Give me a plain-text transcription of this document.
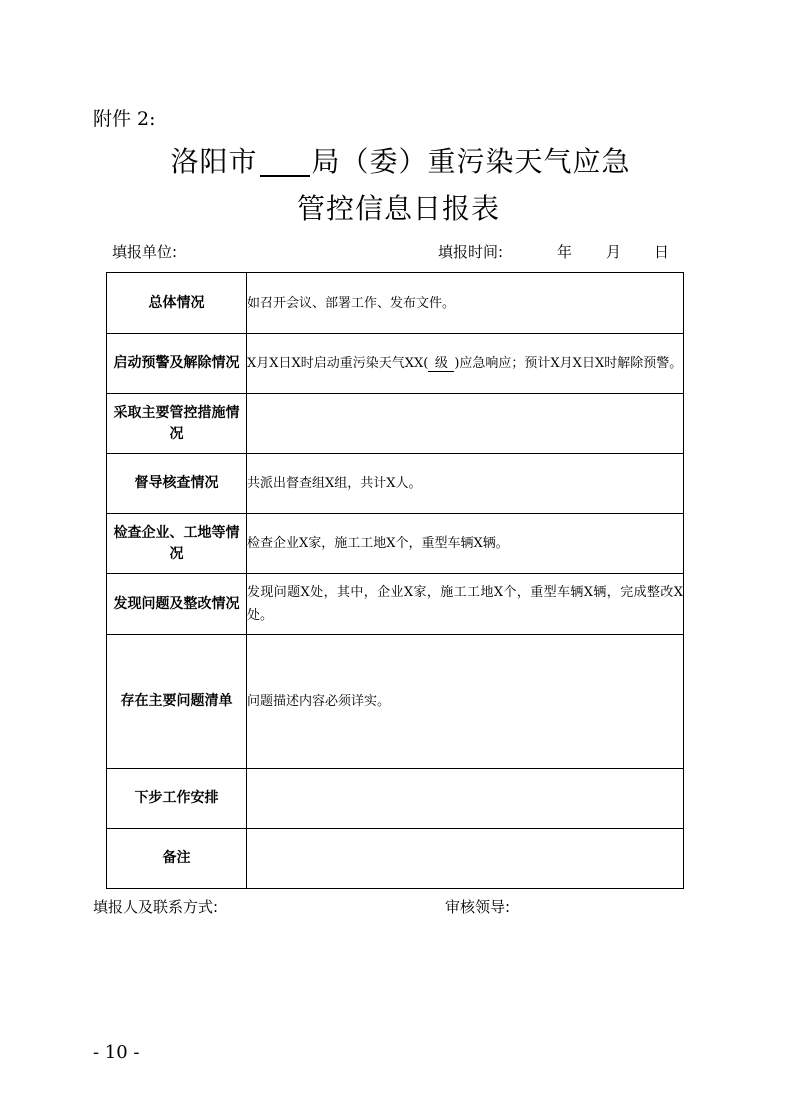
附件 2:
洛阳市 局（委）重污染天气应急
管控信息日报表
填报单位:	填报时间:	年 月 日
总体情况	如召开会议、部署工作、发布文件。
启动预警及解除情况	X月X日X时启动重污染天气XX( 级 )应急响应；预计X月X日X时解除预警。
采取主要管控措施情况	
督导核查情况	共派出督查组X组，共计X人。
检查企业、工地等情况	检查企业X家，施工工地X个，重型车辆X辆。
发现问题及整改情况	发现问题X处，其中，企业X家，施工工地X个，重型车辆X辆，完成整改X处。
存在主要问题清单	问题描述内容必须详实。
下步工作安排	
备注	
填报人及联系方式:	审核领导:
- 10 -
